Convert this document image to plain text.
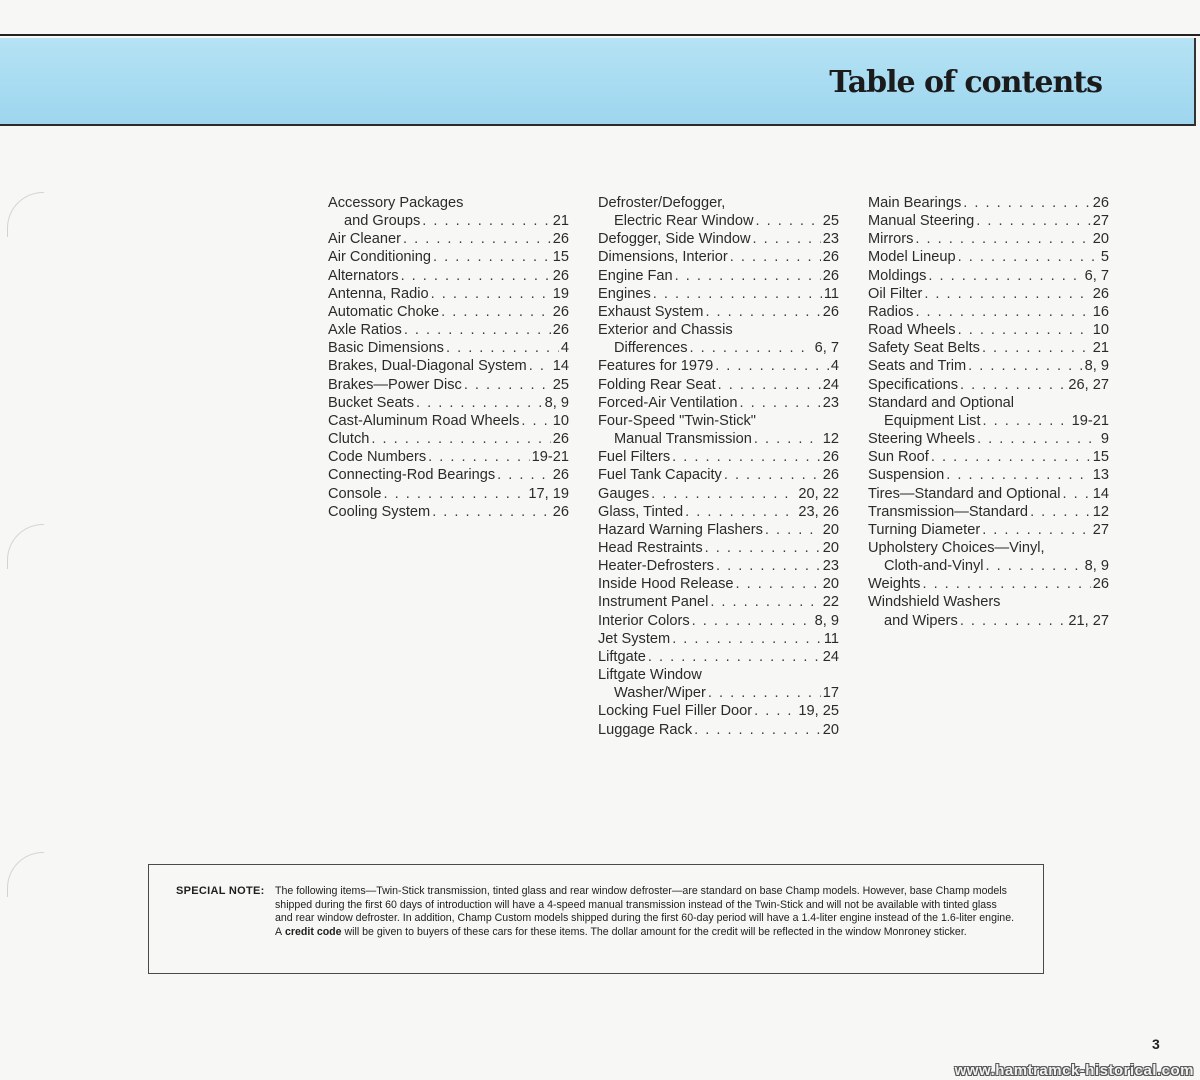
Table of contents
Accessory Packages
and Groups . . .	21
Air Cleaner . . .	26
Air Conditioning . . .	15
Alternators . . .	26
Antenna, Radio . . .	19
Automatic Choke . . .	26
Axle Ratios . . .	26
Basic Dimensions . . .	4
Brakes, Dual-Diagonal System . . . 14
Brakes—Power Disc . . .	25
Bucket Seats . . .	8, 9
Cast-Aluminum Road Wheels . . . 10
Clutch . . .	26
Code Numbers . . .	19-21
Connecting-Rod Bearings . . .	26
Console . . .	17, 19
Cooling System . . .	26
Defroster/Defogger,
Electric Rear Window . . .	25
Defogger, Side Window . . .	23
Dimensions, Interior . . .	26
Engine Fan . . .	26
Engines . . .	11
Exhaust System . . .	26
Exterior and Chassis
Differences . . .	6, 7
Features for 1979 . . .	4
Folding Rear Seat . . .	24
Forced-Air Ventilation . . .	23
Four-Speed "Twin-Stick"
Manual Transmission . . .	12
Fuel Filters . . .	26
Fuel Tank Capacity . . .	26
Gauges . . .	20, 22
Glass, Tinted . . .	23, 26
Hazard Warning Flashers . . .	20
Head Restraints . . .	20
Heater-Defrosters . . .	23
Inside Hood Release . . .	20
Instrument Panel . . .	22
Interior Colors . . .	8, 9
Jet System . . .	11
Liftgate . . .	24
Liftgate Window
Washer/Wiper . . .	17
Locking Fuel Filler Door . . .	19, 25
Luggage Rack . . .	20
Main Bearings . . .	26
Manual Steering . . .	27
Mirrors . . .	20
Model Lineup . . .	5
Moldings . . .	6, 7
Oil Filter . . .	26
Radios . . .	16
Road Wheels . . .	10
Safety Seat Belts . . .	21
Seats and Trim . . .	8, 9
Specifications . . .	26, 27
Standard and Optional
Equipment List . . .	19-21
Steering Wheels . . .	9
Sun Roof . . .	15
Suspension . . .	13
Tires—Standard and Optional . . . 14
Transmission—Standard . . .	12
Turning Diameter . . .	27
Upholstery Choices—Vinyl,
Cloth-and-Vinyl . . .	8, 9
Weights . . .	26
Windshield Washers
and Wipers . . .	21, 27
SPECIAL NOTE: The following items—Twin-Stick transmission, tinted glass and rear window defroster—are standard on base Champ models. However, base Champ models shipped during the first 60 days of introduction will have a 4-speed manual transmission instead of the Twin-Stick and will not be available with tinted glass and rear window defroster. In addition, Champ Custom models shipped during the first 60-day period will have a 1.4-liter engine instead of the 1.6-liter engine. A credit code will be given to buyers of these cars for these items. The dollar amount for the credit will be reflected in the window Monroney sticker.
3
www.hamtramck-historical.com
